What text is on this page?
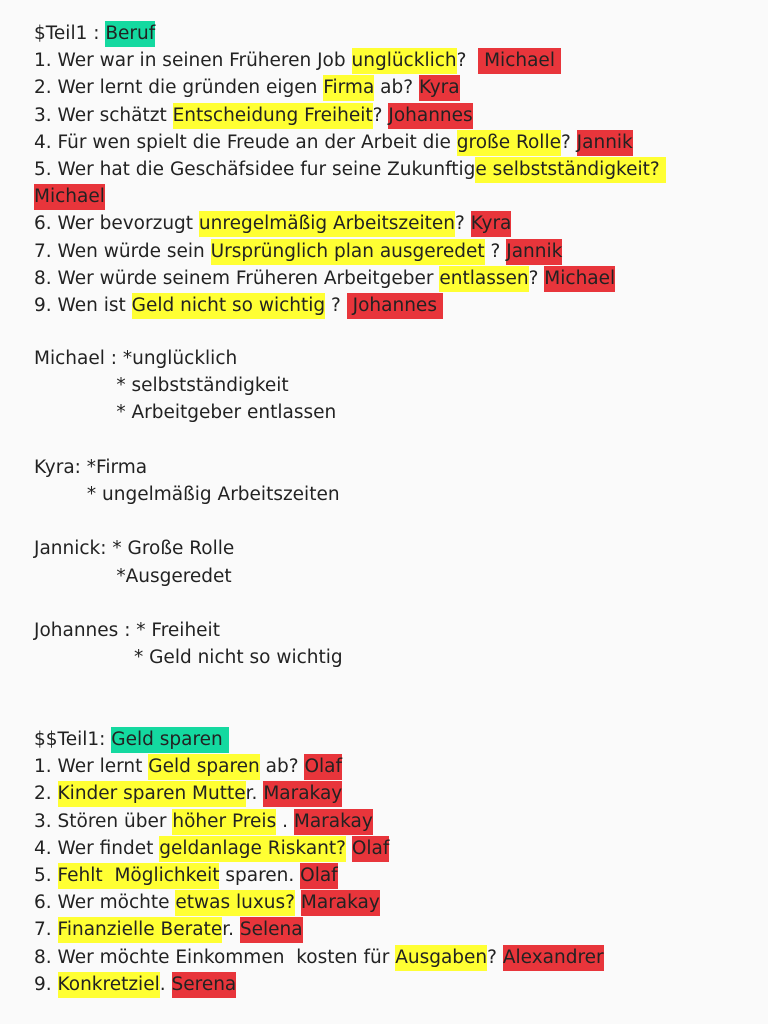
$Teil1 : Beruf
1. Wer war in seinen Früheren Job unglücklich?   Michael
2. Wer lernt die gründen eigen Firma ab? Kyra
3. Wer schätzt Entscheidung Freiheit? Johannes
4. Für wen spielt die Freude an der Arbeit die große Rolle? Jannik
5. Wer hat die Geschäfsidee fur seine Zukunftige selbstständigkeit?
Michael
6. Wer bevorzugt unregelmäßig Arbeitszeiten? Kyra
7. Wen würde sein Ursprünglich plan ausgeredet ? Jannik
8. Wer würde seinem Früheren Arbeitgeber entlassen? Michael
9. Wen ist Geld nicht so wichtig ?  Johannes
Michael : *unglücklich
* selbstständigkeit
* Arbeitgeber entlassen
Kyra: *Firma
* ungelmäßig Arbeitszeiten
Jannick: * Große Rolle
*Ausgeredet
Johannes : * Freiheit
* Geld nicht so wichtig
$$Teil1: Geld sparen
1. Wer lernt Geld sparen ab? Olaf
2. Kinder sparen Mutter. Marakay
3. Stören über höher Preis . Marakay
4. Wer findet geldanlage Riskant? Olaf
5. Fehlt  Möglichkeit sparen. Olaf
6. Wer möchte etwas luxus? Marakay
7. Finanzielle Berater. Selena
8. Wer möchte Einkommen  kosten für Ausgaben? Alexandrer
9. Konkretziel. Serena
